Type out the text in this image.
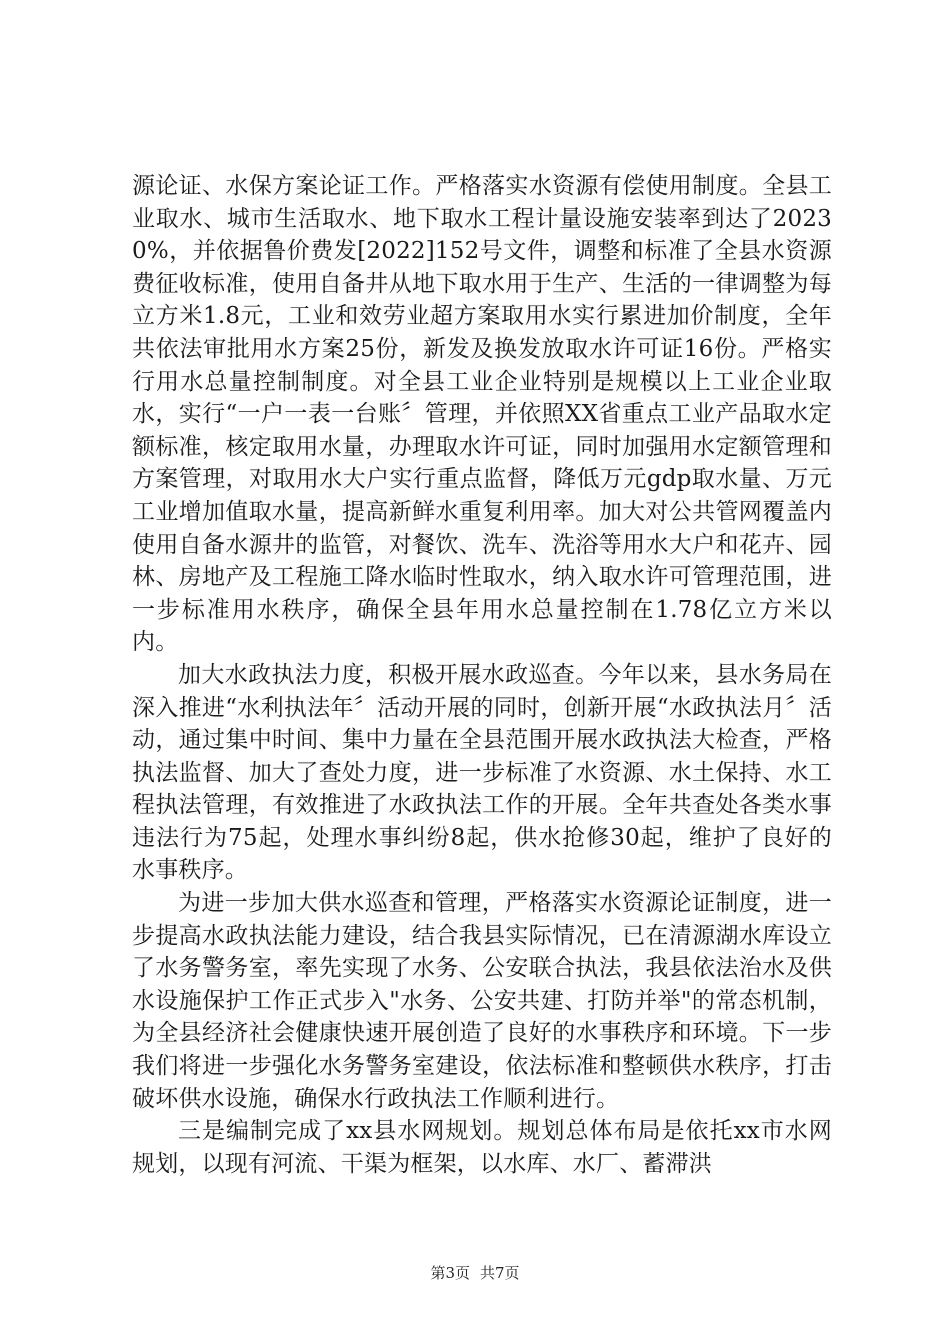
源论证、水保方案论证工作。严格落实水资源有偿使用制度。全县工业取水、城市生活取水、地下取水工程计量设施安装率到达了20230%，并依据鲁价费发[2022]152号文件，调整和标准了全县水资源费征收标准，使用自备井从地下取水用于生产、生活的一律调整为每立方米1.8元，工业和效劳业超方案取用水实行累进加价制度，全年共依法审批用水方案25份，新发及换发放取水许可证16份。严格实行用水总量控制制度。对全县工业企业特别是规模以上工业企业取水，实行“一户一表一台账〞管理，并依照XX省重点工业产品取水定额标准，核定取用水量，办理取水许可证，同时加强用水定额管理和方案管理，对取用水大户实行重点监督，降低万元gdp取水量、万元工业增加值取水量，提高新鲜水重复利用率。加大对公共管网覆盖内使用自备水源井的监管，对餐饮、洗车、洗浴等用水大户和花卉、园林、房地产及工程施工降水临时性取水，纳入取水许可管理范围，进一步标准用水秩序，确保全县年用水总量控制在1.78亿立方米以内。

加大水政执法力度，积极开展水政巡查。今年以来，县水务局在深入推进“水利执法年〞活动开展的同时，创新开展“水政执法月〞活动，通过集中时间、集中力量在全县范围开展水政执法大检查，严格执法监督、加大了查处力度，进一步标准了水资源、水土保持、水工程执法管理，有效推进了水政执法工作的开展。全年共查处各类水事违法行为75起，处理水事纠纷8起，供水抢修30起，维护了良好的水事秩序。

为进一步加大供水巡查和管理，严格落实水资源论证制度，进一步提高水政执法能力建设，结合我县实际情况，已在清源湖水库设立了水务警务室，率先实现了水务、公安联合执法，我县依法治水及供水设施保护工作正式步入"水务、公安共建、打防并举"的常态机制，为全县经济社会健康快速开展创造了良好的水事秩序和环境。下一步我们将进一步强化水务警务室建设，依法标准和整顿供水秩序，打击破坏供水设施，确保水行政执法工作顺利进行。

三是编制完成了xx县水网规划。规划总体布局是依托xx市水网规划，以现有河流、干渠为框架，以水库、水厂、蓄滞洪

第3页 共7页
